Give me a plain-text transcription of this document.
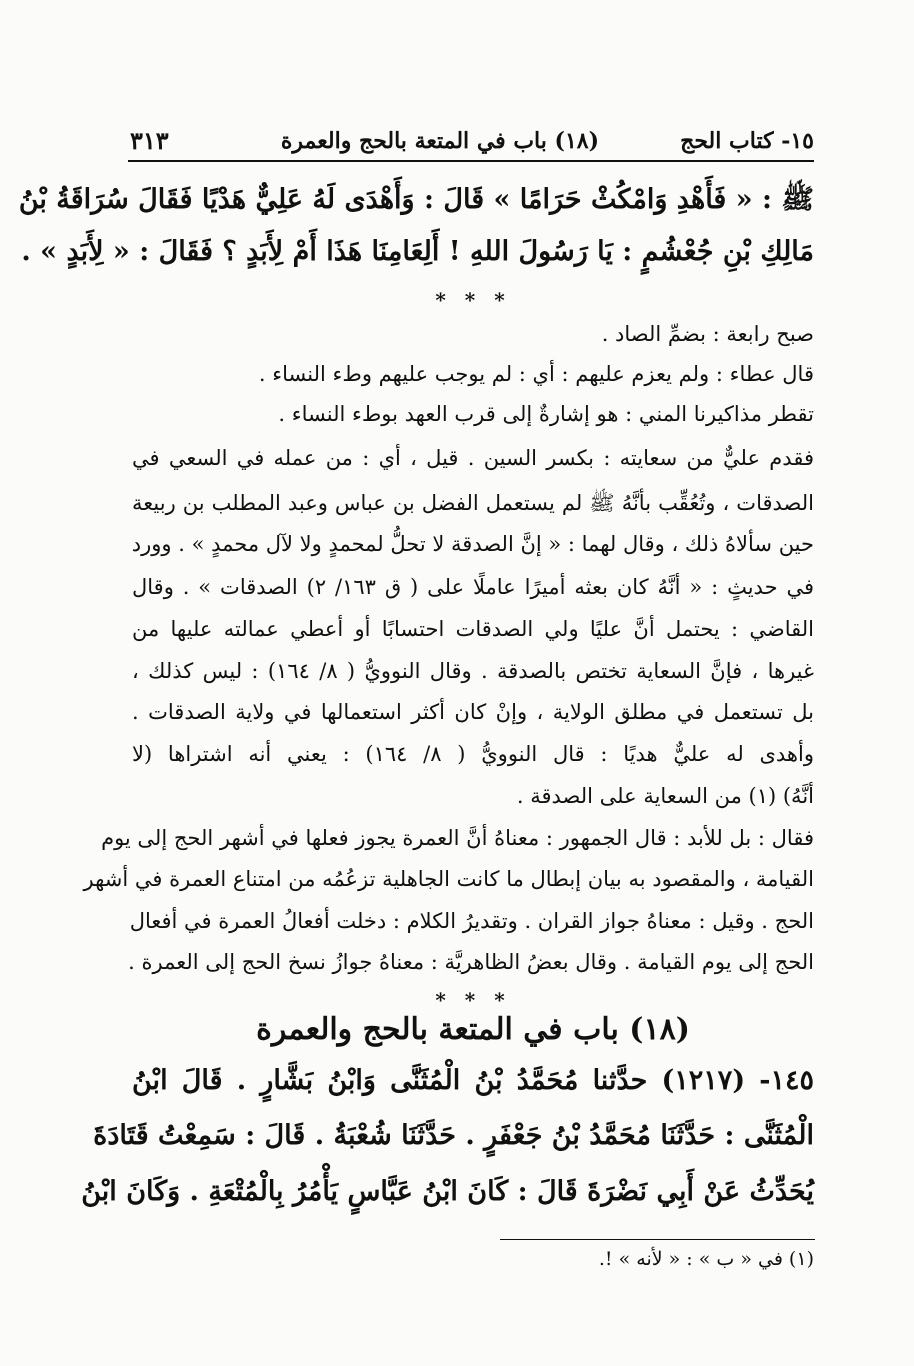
١٥- كتاب الحج
(١٨) باب في المتعة بالحج والعمرة
٣١٣
ﷺ : « فَأَهْدِ وَامْكُثْ حَرَامًا » قَالَ : وَأَهْدَى لَهُ عَلِيٌّ هَدْيًا فَقَالَ سُرَاقَةُ بْنُ
مَالِكِ بْنِ جُعْشُمٍ : يَا رَسُولَ اللهِ ! أَلِعَامِنَا هَذَا أَمْ لِأَبَدٍ ؟ فَقَالَ : « لِأَبَدٍ » .
* * *
صبح رابعة : بضمِّ الصاد .
قال عطاء : ولم يعزم عليهم : أي : لم يوجب عليهم وطء النساء .
تقطر مذاكيرنا المني : هو إشارةٌ إلى قرب العهد بوطء النساء .
فقدم عليٌّ من سعايته : بكسر السين . قيل ، أي : من عمله في السعي في
الصدقات ، وتُعُقِّب بأنَّهُ ﷺ لم يستعمل الفضل بن عباس وعبد المطلب بن ربيعة
حين سألاهُ ذلك ، وقال لهما : « إنَّ الصدقة لا تحلُّ لمحمدٍ ولا لآل محمدٍ » . وورد
في حديثٍ : « أنَّهُ كان بعثه أميرًا عاملًا على ( ق ١٦٣/ ٢) الصدقات » . وقال
القاضي : يحتمل أنَّ عليًا ولي الصدقات احتسابًا أو أعطي عمالته عليها من
غيرها ، فإنَّ السعاية تختص بالصدقة . وقال النوويُّ ( ٨/ ١٦٤) : ليس كذلك ،
بل تستعمل في مطلق الولاية ، وإنْ كان أكثر استعمالها في ولاية الصدقات .
وأهدى له عليٌّ هديًا : قال النوويُّ ( ٨/ ١٦٤) : يعني أنه اشتراها (لا
أنَّهُ) (١) من السعاية على الصدقة .
فقال : بل للأبد : قال الجمهور : معناهُ أنَّ العمرة يجوز فعلها في أشهر الحج إلى يوم
القيامة ، والمقصود به بيان إبطال ما كانت الجاهلية تزعُمُه من امتناع العمرة في أشهر
الحج . وقيل : معناهُ جواز القران . وتقديرُ الكلام : دخلت أفعالُ العمرة في أفعال
الحج إلى يوم القيامة . وقال بعضُ الظاهريَّة : معناهُ جوازُ نسخ الحج إلى العمرة .
* * *
(١٨) باب في المتعة بالحج والعمرة
١٤٥- (١٢١٧) حدَّثنا مُحَمَّدُ بْنُ الْمُثَنَّى وَابْنُ بَشَّارٍ . قَالَ ابْنُ
الْمُثَنَّى : حَدَّثَنَا مُحَمَّدُ بْنُ جَعْفَرٍ . حَدَّثَنَا شُعْبَةُ . قَالَ : سَمِعْتُ قَتَادَةَ
يُحَدِّثُ عَنْ أَبِي نَضْرَةَ قَالَ : كَانَ ابْنُ عَبَّاسٍ يَأْمُرُ بِالْمُتْعَةِ . وَكَانَ ابْنُ
(١) في « ب » : « لأنه » !.
